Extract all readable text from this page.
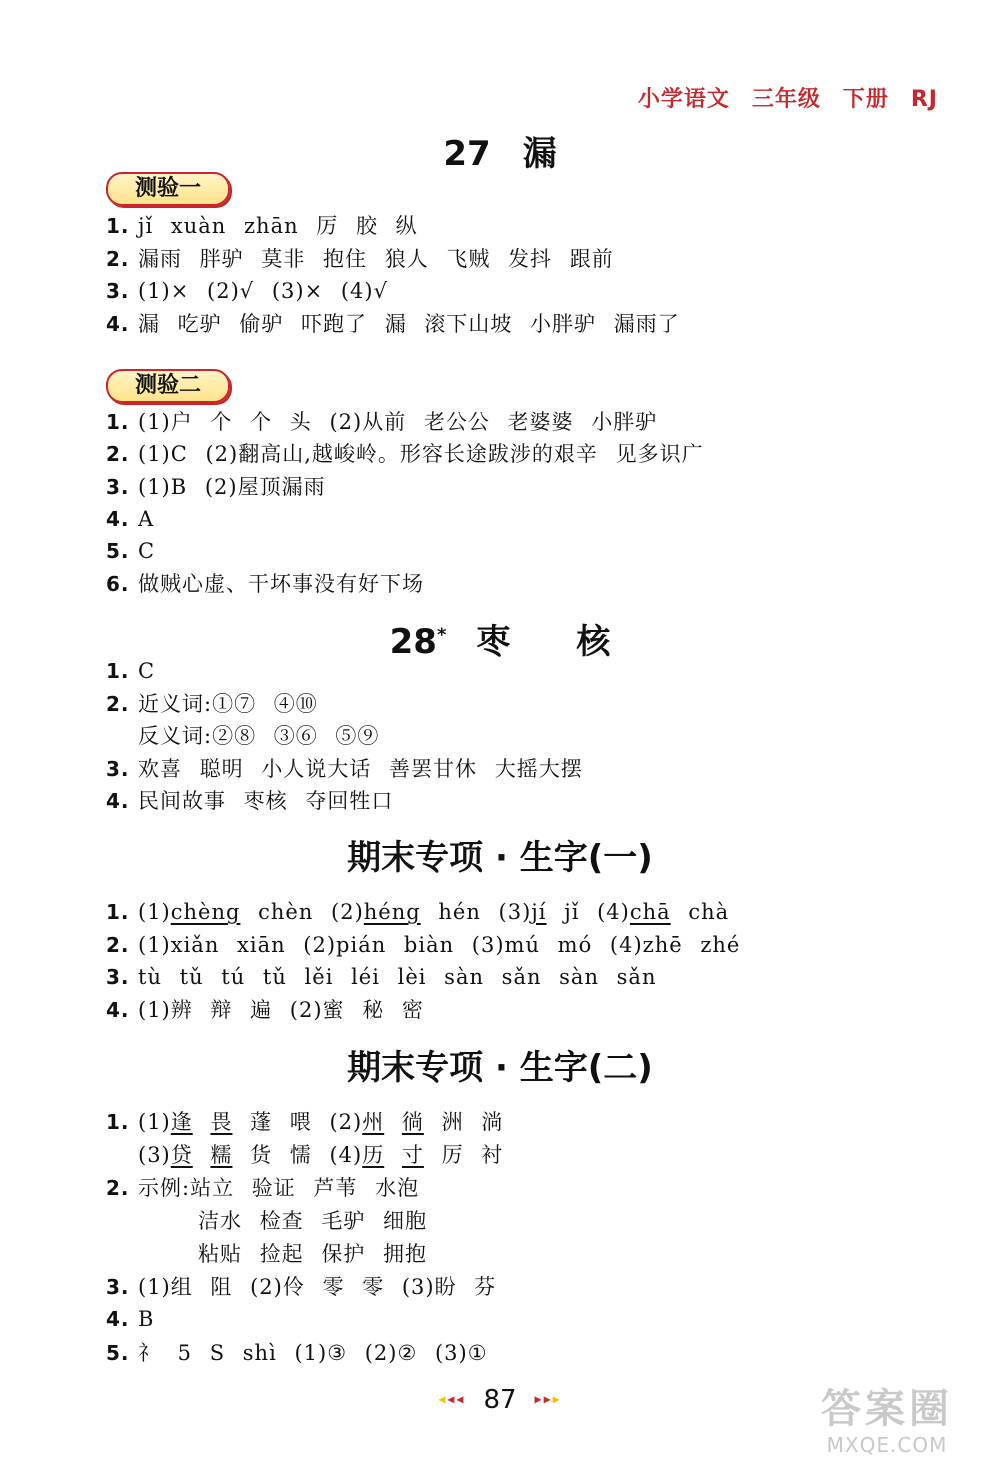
小学语文 三年级 下册 RJ
27 漏
测验一
1. jǐ xuàn zhān 厉 胶 纵
2. 漏雨 胖驴 莫非 抱住 狼人 飞贼 发抖 跟前
3. (1)× (2)√ (3)× (4)√
4. 漏 吃驴 偷驴 吓跑了 漏 滚下山坡 小胖驴 漏雨了
测验二
1. (1)户 个 个 头 (2)从前 老公公 老婆婆 小胖驴
2. (1)C (2)翻高山,越峻岭。形容长途跋涉的艰辛 见多识广
3. (1)B (2)屋顶漏雨
4. A
5. C
6. 做贼心虚、干坏事没有好下场
28* 枣 核
1. C
2. 近义词:①⑦ ④⑩
反义词:②⑧ ③⑥ ⑤⑨
3. 欢喜 聪明 小人说大话 善罢甘休 大摇大摆
4. 民间故事 枣核 夺回牲口
期末专项 · 生字(一)
1. (1)chèng chèn (2)héng hén (3)jí jǐ (4)chā chà
2. (1)xiǎn xiān (2)pián biàn (3)mú mó (4)zhē zhé
3. tù tǔ tú tǔ lěi léi lèi sàn sǎn sàn sǎn
4. (1)辨 辩 遍 (2)蜜 秘 密
期末专项 · 生字(二)
1. (1)逢 畏 蓬 喂 (2)州 徜 洲 淌
(3)贷 糯 货 懦 (4)历 寸 厉 衬
2. 示例:站立 验证 芦苇 水泡
洁水 检查 毛驴 细胞
粘贴 捡起 保护 拥抱
3. (1)组 阻 (2)伶 零 零 (3)盼 芬
4. B
5. 礻 5 S shì (1)③ (2)② (3)①
◂◂◂ 87 ▸▸▸	答案圈
MXQE.COM
